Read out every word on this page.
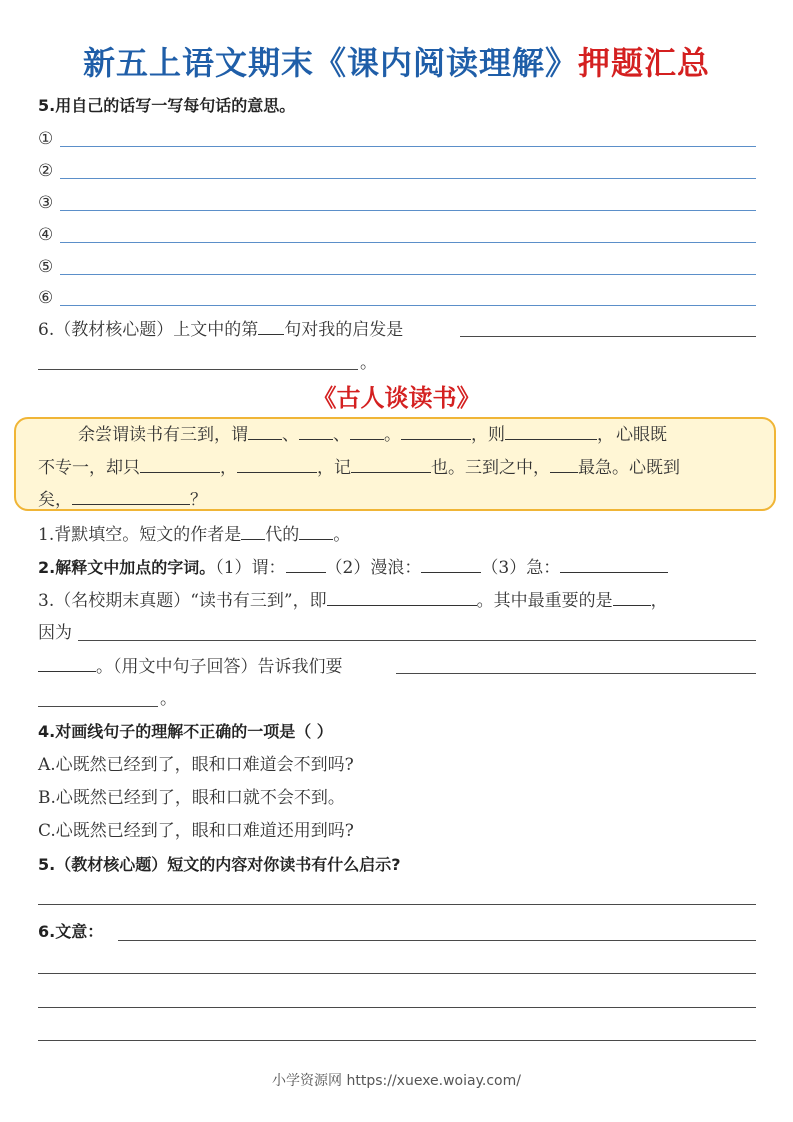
新五上语文期末《课内阅读理解》押题汇总
5.用自己的话写一写每句话的意思。
①
②
③
④
⑤
⑥
6.（教材核心题）上文中的第 句对我的启发是
。
《古人谈读书》
余尝谓读书有三到，谓 、 、 。	，则	， 心眼既
不专一，却只	，	，记	也。三到之中， 最急。心既到
矣，	？
1.背默填空。短文的作者是 代的 。
2.解释文中加点的字词。（1）谓： （2）漫浪：	（3）急：
3.（名校期末真题）“读书有三到”，即	。其中最重要的是 ，
因为
。（用文中句子回答）告诉我们要
。
4.对画线句子的理解不正确的一项是（ ）
A.心既然已经到了，眼和口难道会不到吗?
B.心既然已经到了，眼和口就不会不到。
C.心既然已经到了，眼和口难道还用到吗?
5.（教材核心题）短文的内容对你读书有什么启示?
6.文意：
小学资源网 https://xuexe.woiay.com/
